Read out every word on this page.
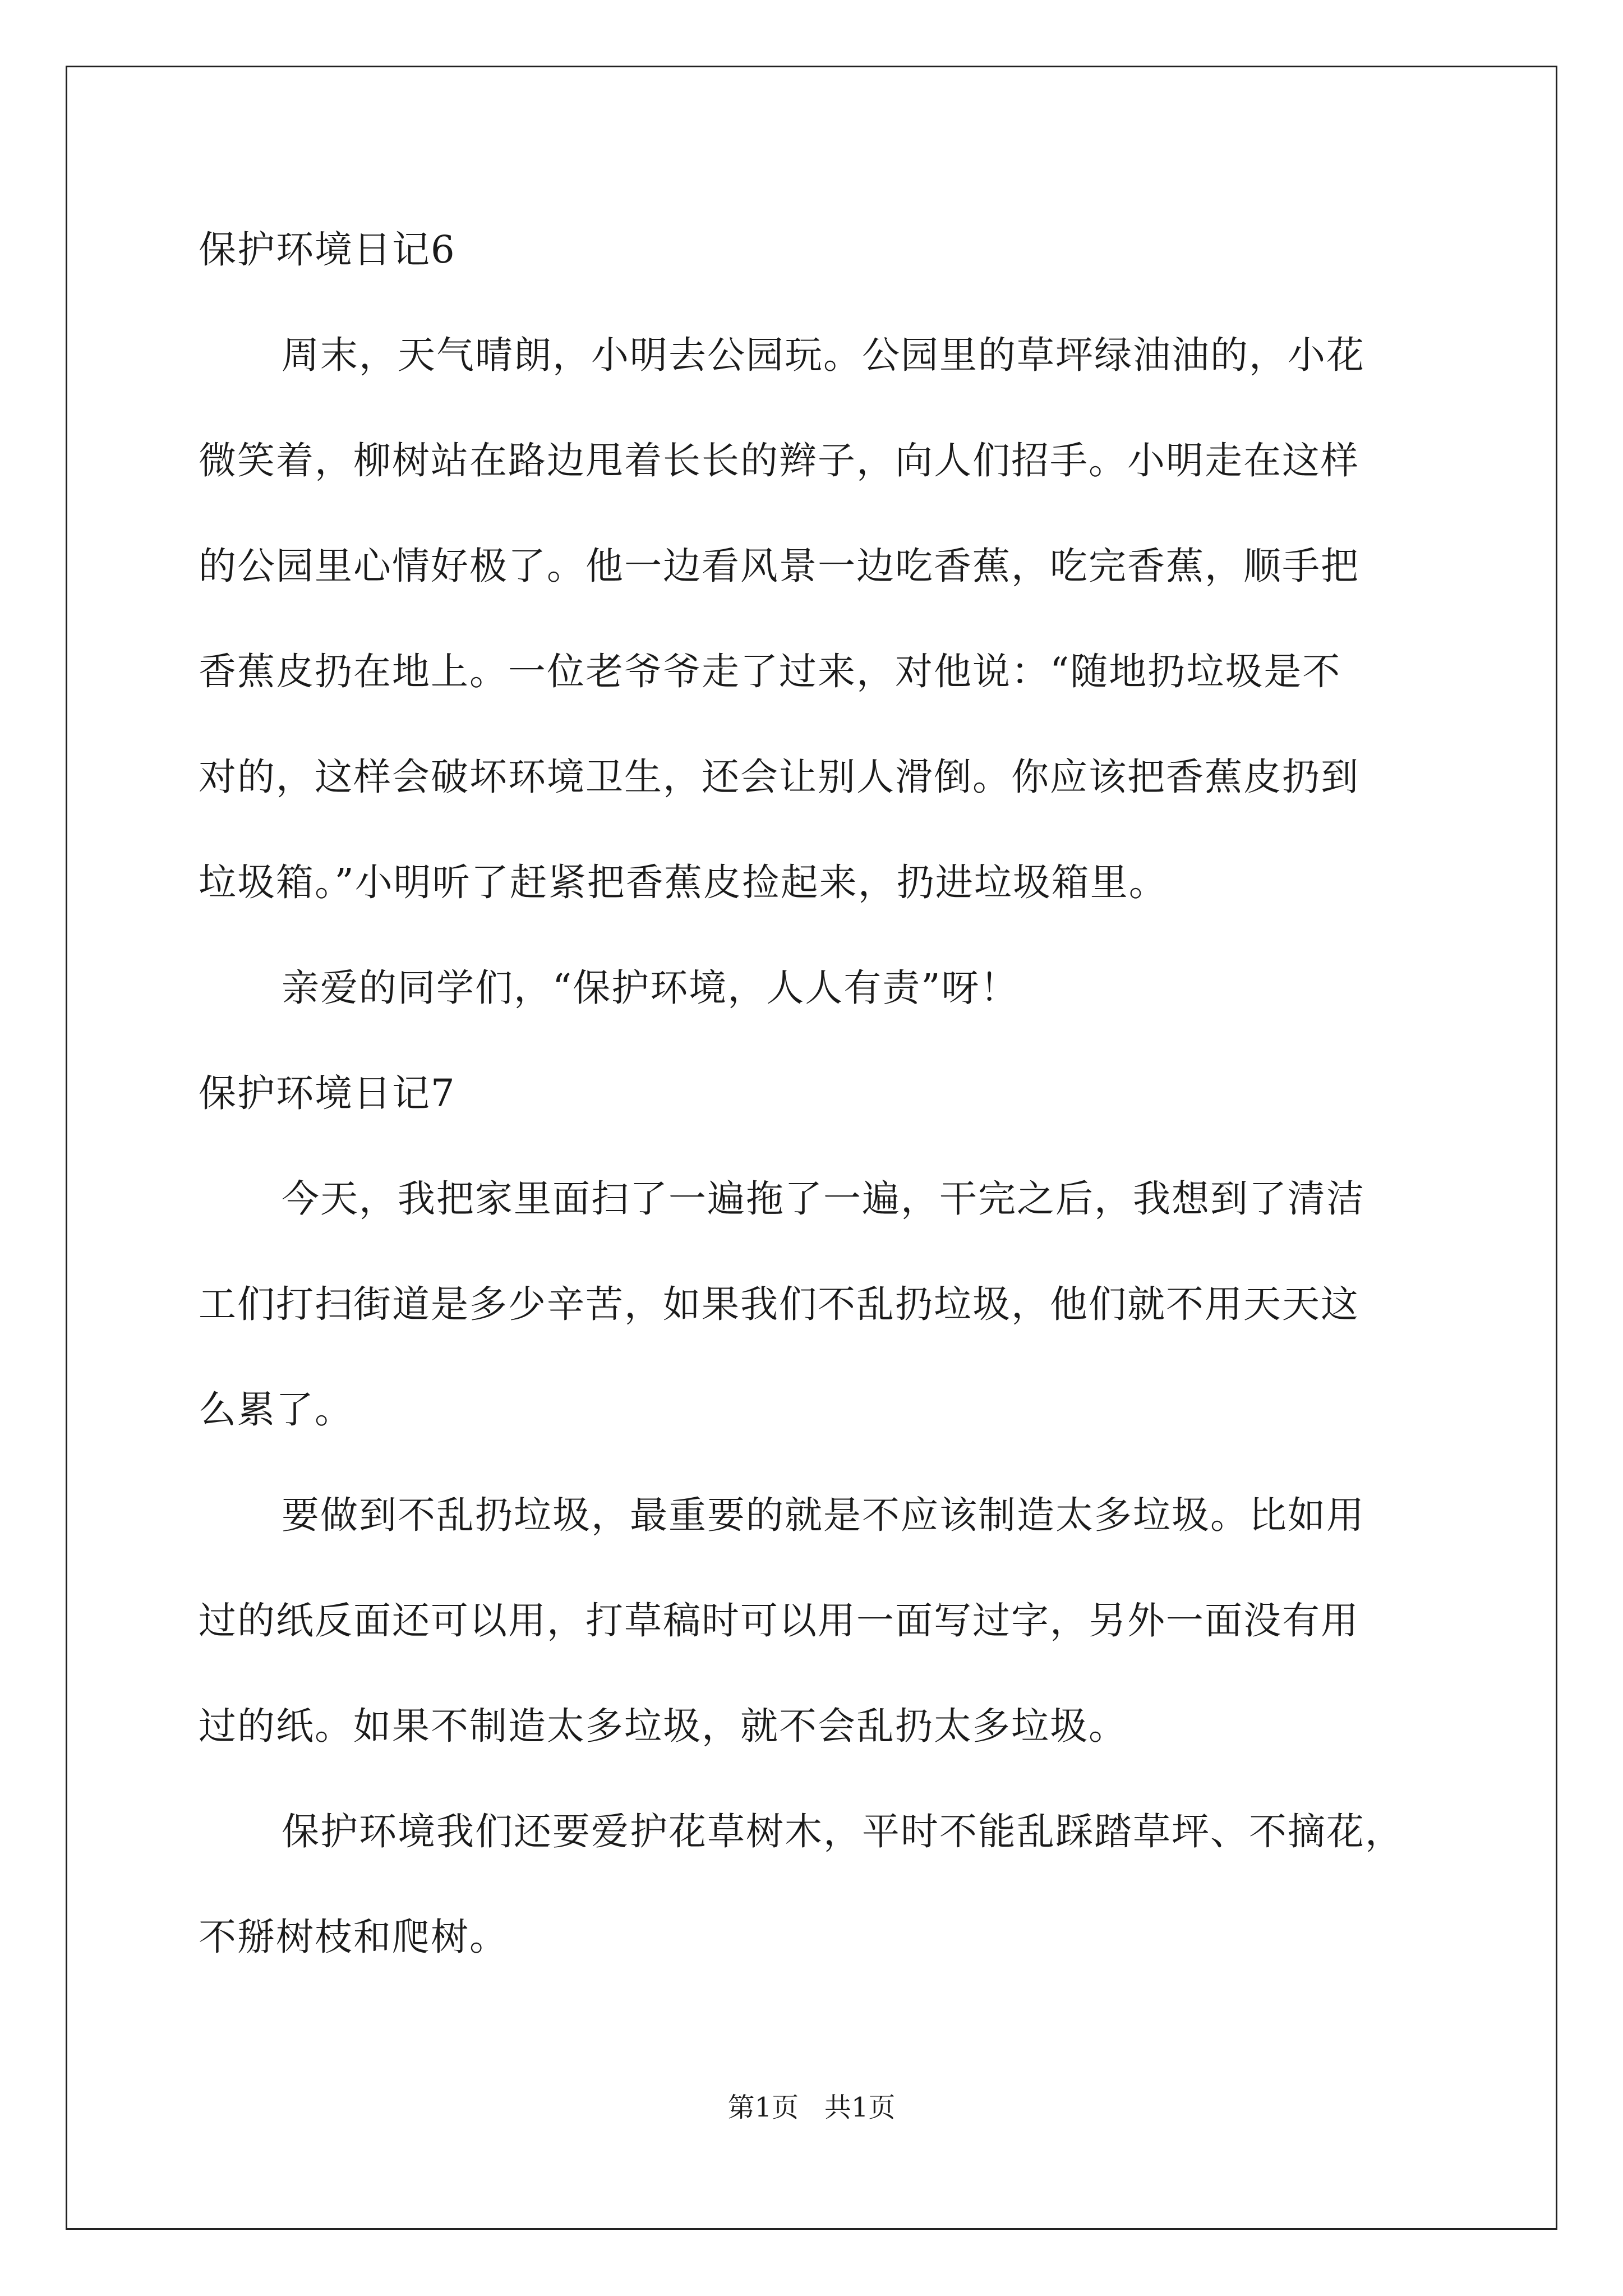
保护环境日记6
周末，天气晴朗，小明去公园玩。公园里的草坪绿油油的，小花
微笑着，柳树站在路边甩着长长的辫子，向人们招手。小明走在这样
的公园里心情好极了。他一边看风景一边吃香蕉，吃完香蕉，顺手把
香蕉皮扔在地上。一位老爷爷走了过来，对他说：“随地扔垃圾是不
对的，这样会破坏环境卫生，还会让别人滑倒。你应该把香蕉皮扔到
垃圾箱。”小明听了赶紧把香蕉皮捡起来，扔进垃圾箱里。
亲爱的同学们，“保护环境，人人有责”呀！
保护环境日记7
今天，我把家里面扫了一遍拖了一遍，干完之后，我想到了清洁
工们打扫街道是多少辛苦，如果我们不乱扔垃圾，他们就不用天天这
么累了。
要做到不乱扔垃圾，最重要的就是不应该制造太多垃圾。比如用
过的纸反面还可以用，打草稿时可以用一面写过字，另外一面没有用
过的纸。如果不制造太多垃圾，就不会乱扔太多垃圾。
保护环境我们还要爱护花草树木，平时不能乱踩踏草坪、不摘花，
不掰树枝和爬树。
第1页   共1页
